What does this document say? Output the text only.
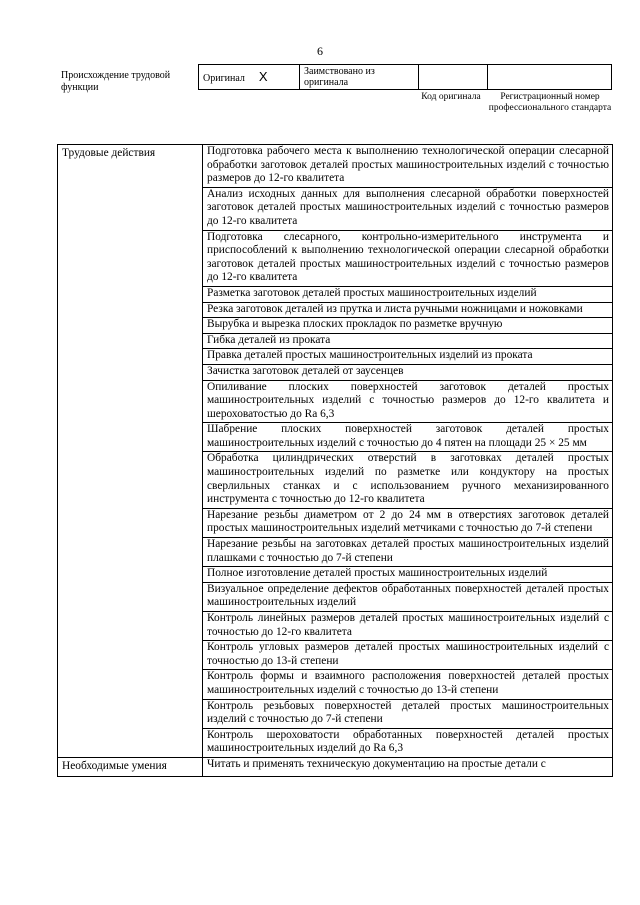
6
Происхождение трудовой функции
Оригинал X	Заимствовано из оригинала		
Код оригинала	Регистрационный номер профессионального стандарта
Трудовые действия	Подготовка рабочего места к выполнению технологической операции слесарной обработки заготовок деталей простых машиностроительных изделий с точностью размеров до 12-го квалитета
	Анализ исходных данных для выполнения слесарной обработки поверхностей заготовок деталей простых машиностроительных изделий с точностью размеров до 12-го квалитета
	Подготовка слесарного, контрольно-измерительного инструмента и приспособлений к выполнению технологической операции слесарной обработки заготовок деталей простых машиностроительных изделий с точностью размеров до 12-го квалитета
	Разметка заготовок деталей простых машиностроительных изделий
	Резка заготовок деталей из прутка и листа ручными ножницами и ножовками
	Вырубка и вырезка плоских прокладок по разметке вручную
	Гибка деталей из проката
	Правка деталей простых машиностроительных изделий из проката
	Зачистка заготовок деталей от заусенцев
	Опиливание плоских поверхностей заготовок деталей простых машиностроительных изделий с точностью размеров до 12-го квалитета и шероховатостью до Ra 6,3
	Шабрение плоских поверхностей заготовок деталей простых машиностроительных изделий с точностью до 4 пятен на площади 25 × 25 мм
	Обработка цилиндрических отверстий в заготовках деталей простых машиностроительных изделий по разметке или кондуктору на простых сверлильных станках и с использованием ручного механизированного инструмента с точностью до 12-го квалитета
	Нарезание резьбы диаметром от 2 до 24 мм в отверстиях заготовок деталей простых машиностроительных изделий метчиками с точностью до 7-й степени
	Нарезание резьбы на заготовках деталей простых машиностроительных изделий плашками с точностью до 7-й степени
	Полное изготовление деталей простых машиностроительных изделий
	Визуальное определение дефектов обработанных поверхностей деталей простых машиностроительных изделий
	Контроль линейных размеров деталей простых машиностроительных изделий с точностью до 12-го квалитета
	Контроль угловых размеров деталей простых машиностроительных изделий с точностью до 13-й степени
	Контроль формы и взаимного расположения поверхностей деталей простых машиностроительных изделий с точностью до 13-й степени
	Контроль резьбовых поверхностей деталей простых машиностроительных изделий с точностью до 7-й степени
	Контроль шероховатости обработанных поверхностей деталей простых машиностроительных изделий до Ra 6,3
Необходимые умения	Читать и применять техническую документацию на простые детали с
